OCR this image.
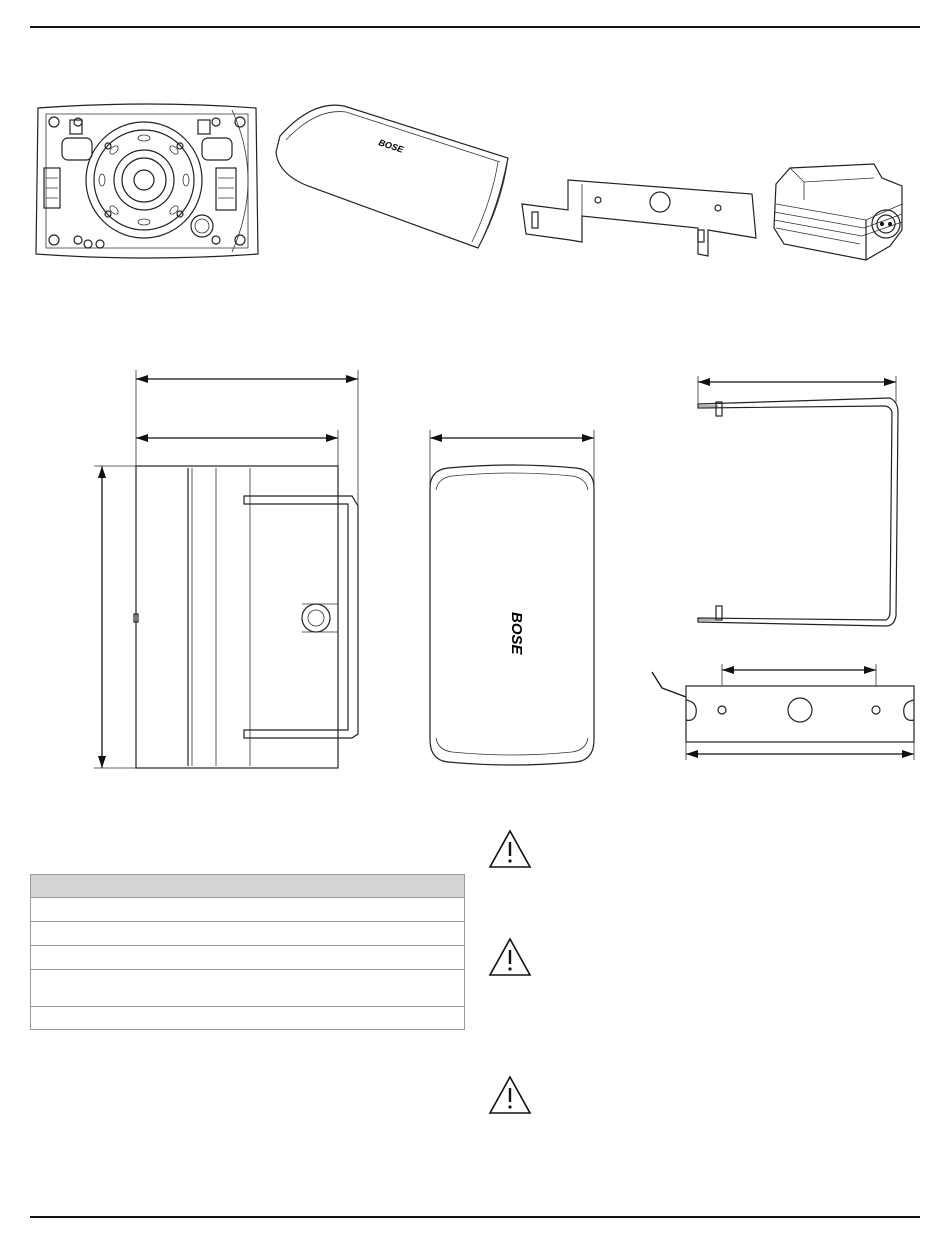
BOSE
BOSE
